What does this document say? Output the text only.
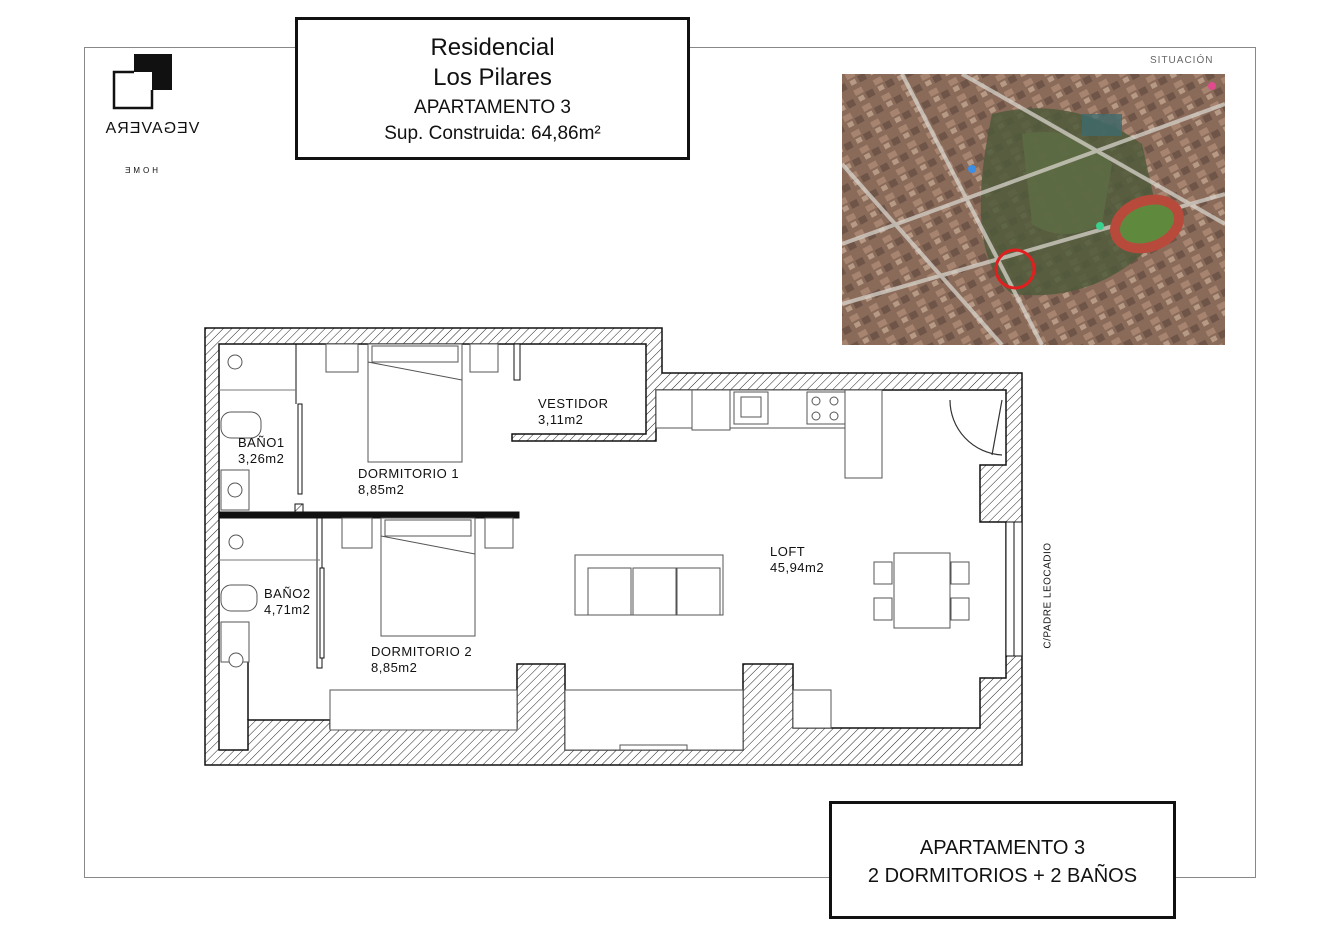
VEGAVERA
HOME
Residencial
Los Pilares
APARTAMENTO 3
Sup. Construida: 64,86m²
SITUACIÓN
BAÑO1
3,26m2
DORMITORIO 1
8,85m2
VESTIDOR
3,11m2
BAÑO2
4,71m2
DORMITORIO 2
8,85m2
LOFT
45,94m2	C/PADRE LEOCADIO
APARTAMENTO 3
2 DORMITORIOS + 2 BAÑOS
